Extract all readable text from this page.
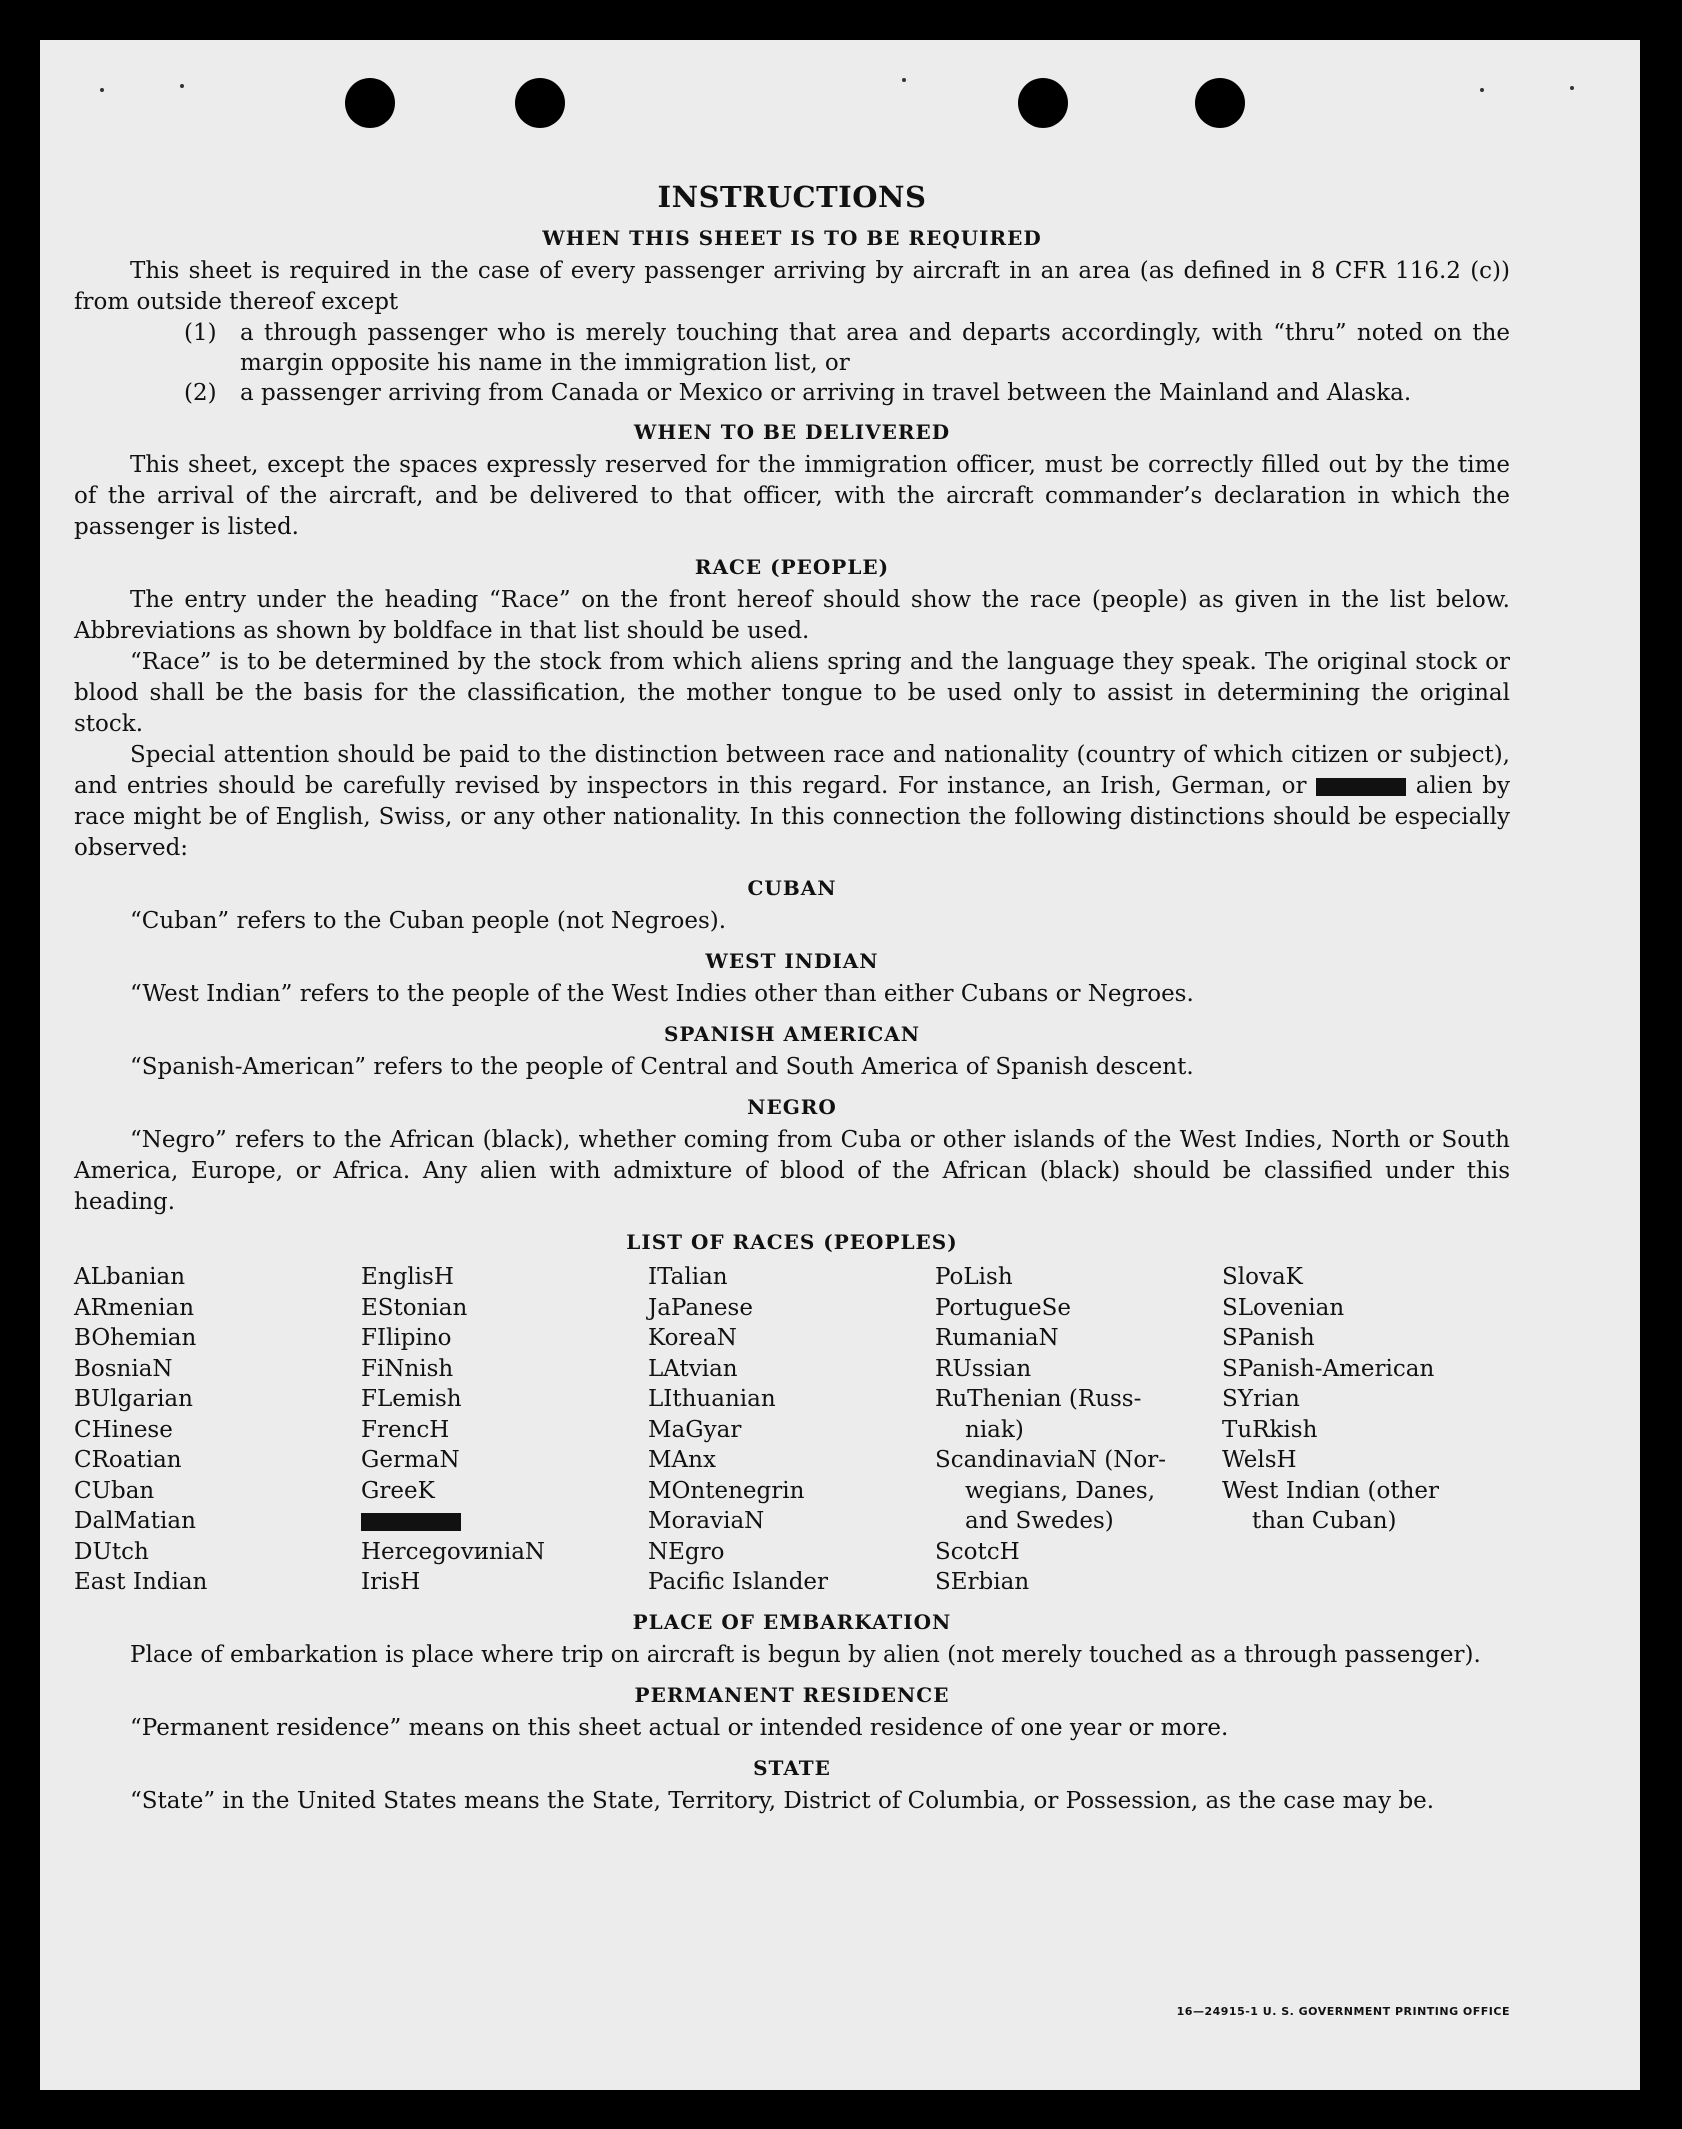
INSTRUCTIONS
WHEN THIS SHEET IS TO BE REQUIRED

This sheet is required in the case of every passenger arriving by aircraft in an area (as defined in 8 CFR 116.2 (c)) from outside thereof except

(1)	a through passenger who is merely touching that area and departs accordingly, with “thru” noted on the margin opposite his name in the immigration list, or
(2)	a passenger arriving from Canada or Mexico or arriving in travel between the Mainland and Alaska.
WHEN TO BE DELIVERED

This sheet, except the spaces expressly reserved for the immigration officer, must be correctly filled out by the time of the arrival of the aircraft, and be delivered to that officer, with the aircraft commander’s declaration in which the passenger is listed.

RACE (PEOPLE)

The entry under the heading “Race” on the front hereof should show the race (people) as given in the list below. Abbreviations as shown by boldface in that list should be used.

“Race” is to be determined by the stock from which aliens spring and the language they speak. The original stock or blood shall be the basis for the classification, the mother tongue to be used only to assist in determining the original stock.

Special attention should be paid to the distinction between race and nationality (country of which citizen or subject), and entries should be carefully revised by inspectors in this regard. For instance, an Irish, German, or	alien by race might be of English, Swiss, or any other nationality. In this connection the following distinctions should be especially observed:

CUBAN
“Cuban” refers to the Cuban people (not Negroes).
WEST INDIAN
“West Indian” refers to the people of the West Indies other than either Cubans or Negroes.
SPANISH AMERICAN
“Spanish-American” refers to the people of Central and South America of Spanish descent.
NEGRO

“Negro” refers to the African (black), whether coming from Cuba or other islands of the West Indies, North or South America, Europe, or Africa. Any alien with admixture of blood of the African (black) should be classified under this heading.

LIST OF RACES (PEOPLES)
ALbanian
ARmenian
BOhemian
BosniaN
BUlgarian
CHinese
CRoatian
CUban
DalMatian
DUtch
East Indian
EnglisH
EStonian
FIlipino
FiNnish
FLemish
FrencH
GermaN
GreeK
HercegovиniaN
IrisH
ITalian
JaPanese
KoreaN
LAtvian
LIthuanian
MaGyar
MAnx
MOntenegrin
MoraviaN
NEgro
Pacific Islander
PoLish
PortugueSe
RumaniaN
RUssian
RuThenian (Russ-
niak)
ScandinaviaN (Nor-
wegians, Danes,
and Swedes)
ScotcH
SErbian
SlovaK
SLovenian
SPanish
SPanish-American
SYrian
TuRkish
WelsH
West Indian (other
than Cuban)
PLACE OF EMBARKATION

Place of embarkation is place where trip on aircraft is begun by alien (not merely touched as a through passenger).

PERMANENT RESIDENCE
“Permanent residence” means on this sheet actual or intended residence of one year or more.
STATE

“State” in the United States means the State, Territory, District of Columbia, or Possession, as the case may be.

16—24915-1 U. S. GOVERNMENT PRINTING OFFICE
